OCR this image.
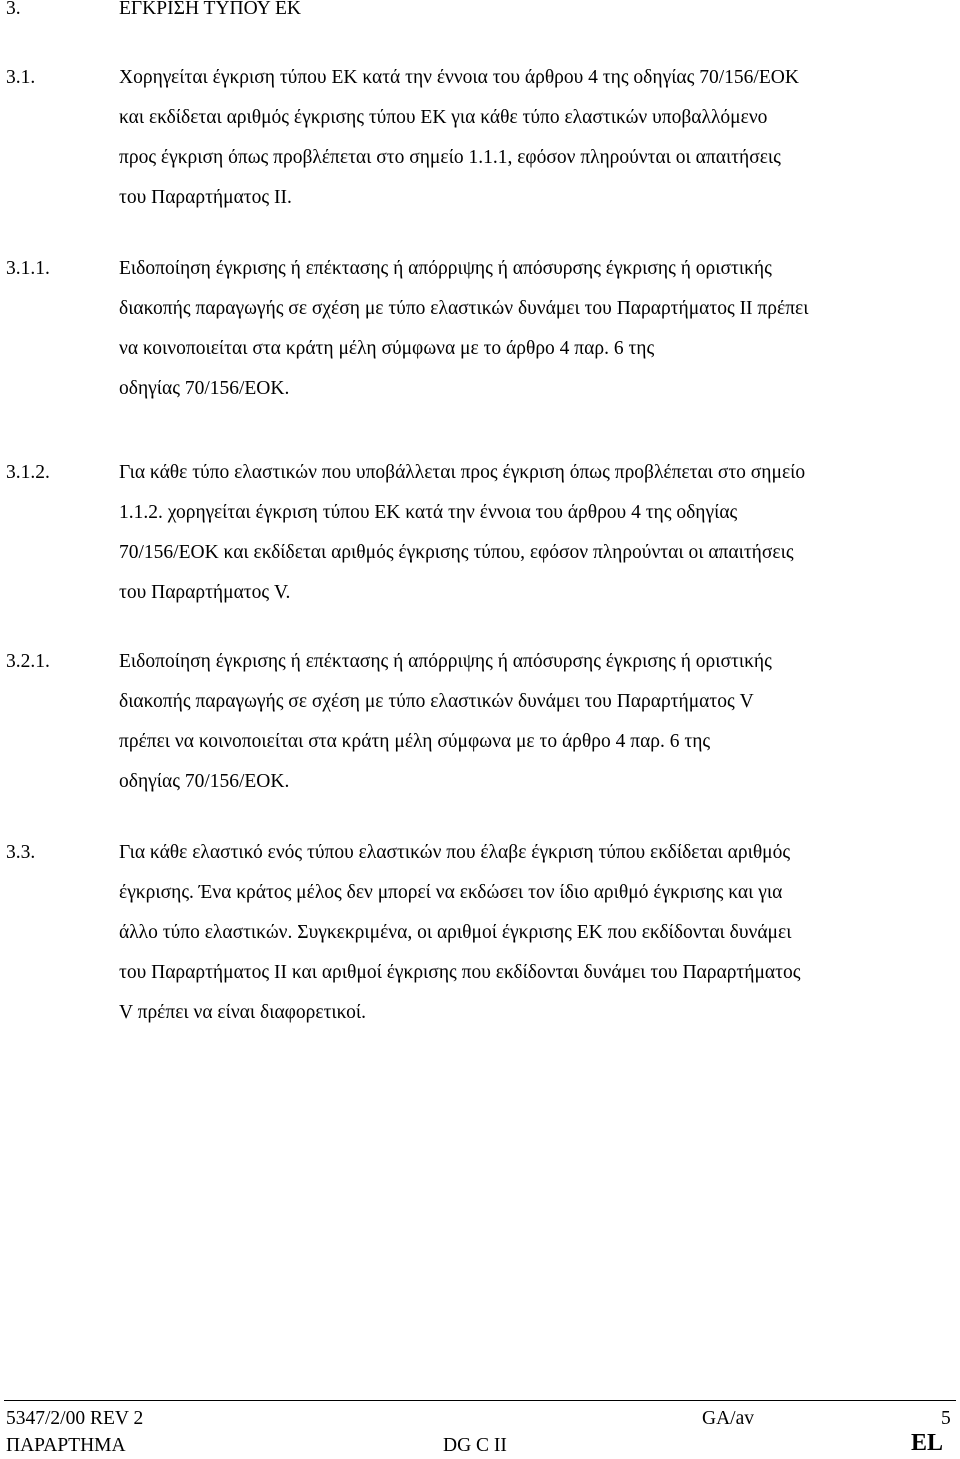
3.	ΕΓΚΡΙΣΗ ΤΥΠΟΥ ΕΚ
3.1.	Χορηγείται έγκριση τύπου ΕΚ κατά την έννοια του άρθρου 4 της οδηγίας 70/156/ΕΟΚ
και εκδίδεται αριθμός έγκρισης τύπου ΕΚ για κάθε τύπο ελαστικών υποβαλλόμενο
προς έγκριση όπως προβλέπεται στο σημείο 1.1.1, εφόσον πληρούνται οι απαιτήσεις
του Παραρτήματος ΙΙ.
3.1.1.	Ειδοποίηση έγκρισης ή επέκτασης ή απόρριψης ή απόσυρσης έγκρισης ή οριστικής
διακοπής παραγωγής σε σχέση με τύπο ελαστικών δυνάμει του Παραρτήματος ΙΙ πρέπει
να κοινοποιείται στα κράτη μέλη σύμφωνα με το άρθρο 4 παρ. 6 της
οδηγίας 70/156/ΕΟΚ.
3.1.2.	Για κάθε τύπο ελαστικών που υποβάλλεται προς έγκριση όπως προβλέπεται στο σημείο
1.1.2. χορηγείται έγκριση τύπου ΕΚ κατά την έννοια του άρθρου 4 της οδηγίας
70/156/ΕΟΚ και εκδίδεται αριθμός έγκρισης τύπου, εφόσον πληρούνται οι απαιτήσεις
του Παραρτήματος V.
3.2.1.	Ειδοποίηση έγκρισης ή επέκτασης ή απόρριψης ή απόσυρσης έγκρισης ή οριστικής
διακοπής παραγωγής σε σχέση με τύπο ελαστικών δυνάμει του Παραρτήματος V
πρέπει να κοινοποιείται στα κράτη μέλη σύμφωνα με το άρθρο 4 παρ. 6 της
οδηγίας 70/156/ΕΟΚ.
3.3.	Για κάθε ελαστικό ενός τύπου ελαστικών που έλαβε έγκριση τύπου εκδίδεται αριθμός
έγκρισης. Ένα κράτος μέλος δεν μπορεί να εκδώσει τον ίδιο αριθμό έγκρισης και για
άλλο τύπο ελαστικών. Συγκεκριμένα, οι αριθμοί έγκρισης ΕΚ που εκδίδονται δυνάμει
του Παραρτήματος ΙΙ και αριθμοί έγκρισης που εκδίδονται δυνάμει του Παραρτήματος
V πρέπει να είναι διαφορετικοί.
5347/2/00 REV 2	GA/av	5
ΠΑΡΑΡΤΗΜΑ	DG C II	EL
